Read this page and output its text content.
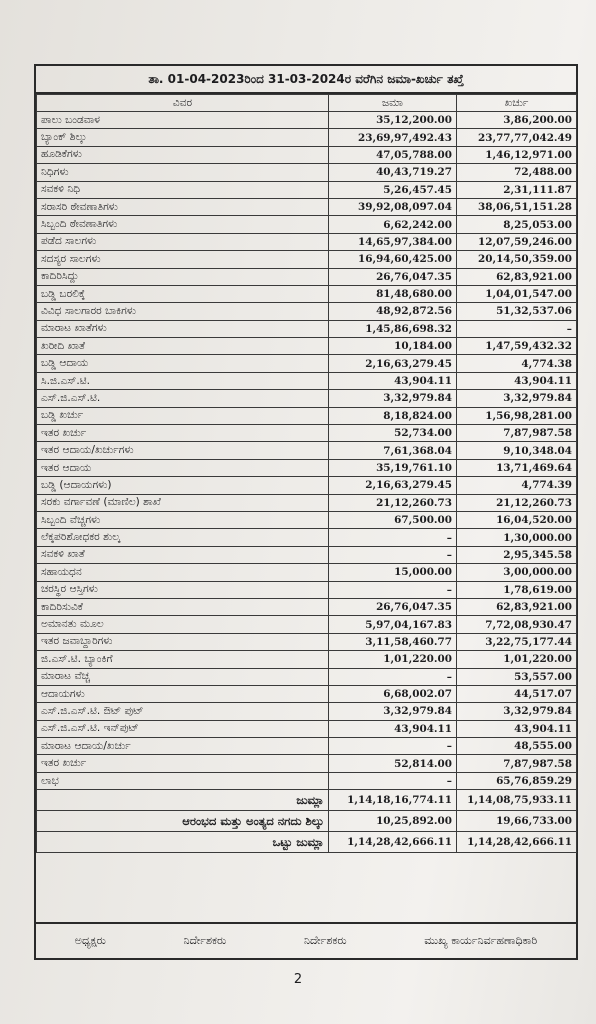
ತಾ. 01-04-2023ರಿಂದ 31-03-2024ರ ವರೆಗಿನ ಜಮಾ-ಖರ್ಚು ತಖ್ತೆ
ವಿವರ	ಜಮಾ	ಖರ್ಚು
ಪಾಲು ಬಂಡವಾಳ	35,12,200.00	3,86,200.00
ಬ್ಯಾಂಕ್ ಶಿಲ್ಕು	23,69,97,492.43	23,77,77,042.49
ಹೂಡಿಕೆಗಳು	47,05,788.00	1,46,12,971.00
ನಿಧಿಗಳು	40,43,719.27	72,488.00
ಸವಕಳಿ ನಿಧಿ	5,26,457.45	2,31,111.87
ಸರಾಸರಿ ಠೇವಣಾತಿಗಳು	39,92,08,097.04	38,06,51,151.28
ಸಿಬ್ಬಂದಿ ಠೇವಣಾತಿಗಳು	6,62,242.00	8,25,053.00
ಪಡೆದ ಸಾಲಗಳು	14,65,97,384.00	12,07,59,246.00
ಸದಸ್ಯರ ಸಾಲಗಳು	16,94,60,425.00	20,14,50,359.00
ಕಾದಿರಿಸಿದ್ದು	26,76,047.35	62,83,921.00
ಬಡ್ಡಿ ಬರಲಿಕ್ಕೆ	81,48,680.00	1,04,01,547.00
ವಿವಿಧ ಸಾಲಗಾರರ ಬಾಕಿಗಳು	48,92,872.56	51,32,537.06
ಮಾರಾಟ ಖಾತೆಗಳು	1,45,86,698.32	–
ಖರೀದಿ ಖಾತೆ	10,184.00	1,47,59,432.32
ಬಡ್ಡಿ ಆದಾಯ	2,16,63,279.45	4,774.38
ಸಿ.ಜಿ.ಎಸ್.ಟಿ.	43,904.11	43,904.11
ಎಸ್.ಜಿ.ಎಸ್.ಟಿ.	3,32,979.84	3,32,979.84
ಬಡ್ಡಿ ಖರ್ಚು	8,18,824.00	1,56,98,281.00
ಇತರ ಖರ್ಚು	52,734.00	7,87,987.58
ಇತರ ಆದಾಯ/ಖರ್ಚುಗಳು	7,61,368.04	9,10,348.04
ಇತರ ಆದಾಯ	35,19,761.10	13,71,469.64
ಬಡ್ಡಿ (ಆದಾಯಗಳು)	2,16,63,279.45	4,774.39
ಸರಕು ವರ್ಗಾವಣೆ (ಮಾಣಿಲ) ಶಾಖೆ	21,12,260.73	21,12,260.73
ಸಿಬ್ಬಂದಿ ವೆಚ್ಚಗಳು	67,500.00	16,04,520.00
ಲೆಕ್ಕಪರಿಶೋಧಕರ ಶುಲ್ಕ	–	1,30,000.00
ಸವಕಳಿ ಖಾತೆ	–	2,95,345.58
ಸಹಾಯಧನ	15,000.00	3,00,000.00
ಚರಸ್ಥಿರ ಆಸ್ತಿಗಳು	–	1,78,619.00
ಕಾದಿರಿಸುವಿಕೆ	26,76,047.35	62,83,921.00
ಅಮಾನತು ಮೂಲ	5,97,04,167.83	7,72,08,930.47
ಇತರ ಜವಾಬ್ದಾರಿಗಳು	3,11,58,460.77	3,22,75,177.44
ಜಿ.ಎಸ್.ಟಿ. ಬ್ಯಾಂಕಿಗೆ	1,01,220.00	1,01,220.00
ಮಾರಾಟ ವೆಚ್ಚ	–	53,557.00
ಆದಾಯಗಳು	6,68,002.07	44,517.07
ಎಸ್.ಜಿ.ಎಸ್.ಟಿ. ಔಟ್ ಪುಟ್	3,32,979.84	3,32,979.84
ಎಸ್.ಜಿ.ಎಸ್.ಟಿ. ಇನ್‌ಪುಟ್	43,904.11	43,904.11
ಮಾರಾಟ ಆದಾಯ/ಖರ್ಚು	–	48,555.00
ಇತರ ಖರ್ಚು	52,814.00	7,87,987.58
ಲಾಭ	–	65,76,859.29
ಜುಮ್ಲಾ	1,14,18,16,774.11	1,14,08,75,933.11
ಆರಂಭದ ಮತ್ತು ಅಂತ್ಯದ ನಗದು ಶಿಲ್ಕು	10,25,892.00	19,66,733.00
ಒಟ್ಟು ಜುಮ್ಲಾ	1,14,28,42,666.11	1,14,28,42,666.11
ಅಧ್ಯಕ್ಷರು	ನಿರ್ದೇಶಕರು	ನಿರ್ದೇಶಕರು	ಮುಖ್ಯ ಕಾರ್ಯನಿರ್ವಹಣಾಧಿಕಾರಿ
2
